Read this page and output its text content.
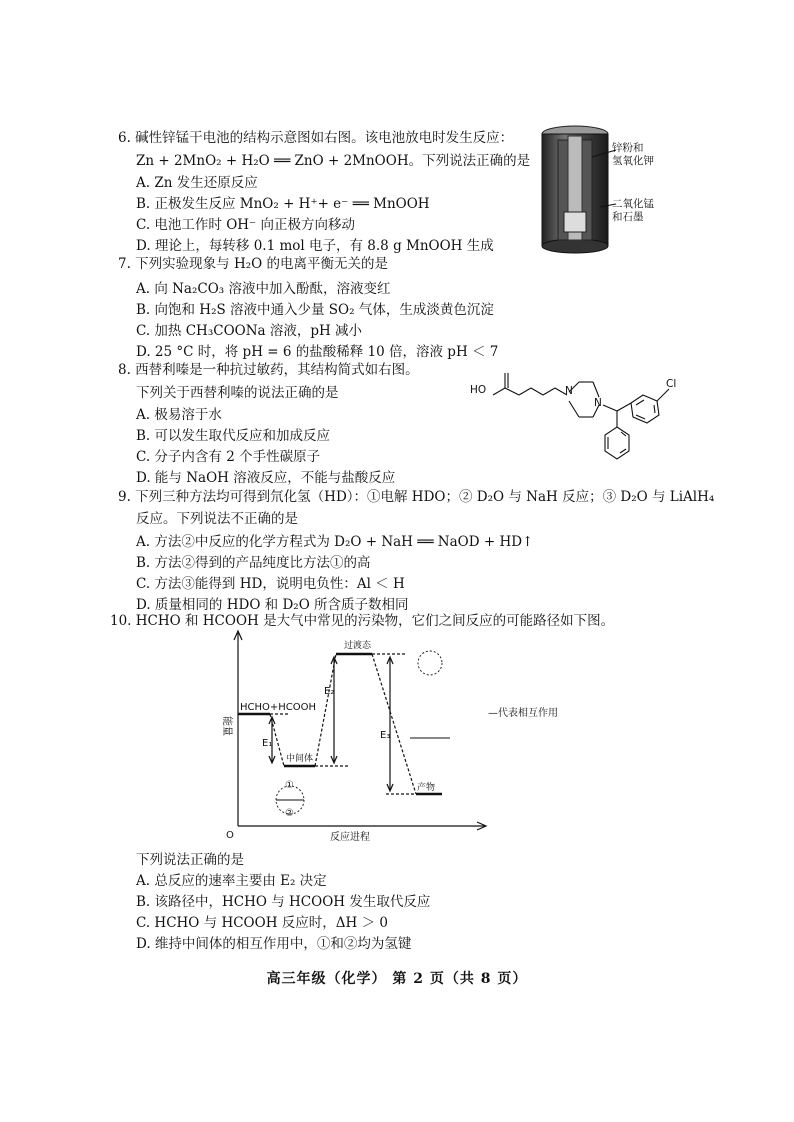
6. 碱性锌锰干电池的结构示意图如右图。该电池放电时发生反应：
Zn + 2MnO₂ + H₂O ══ ZnO + 2MnOOH。下列说法正确的是
A. Zn 发生还原反应
B. 正极发生反应 MnO₂ + H⁺+ e⁻ ══ MnOOH
C. 电池工作时 OH⁻ 向正极方向移动
D. 理论上，每转移 0.1 mol 电子，有 8.8 g MnOOH 生成
锌粉和
氢氧化钾
二氧化锰
和石墨
7. 下列实验现象与 H₂O 的电离平衡无关的是
A. 向 Na₂CO₃ 溶液中加入酚酞，溶液变红
B. 向饱和 H₂S 溶液中通入少量 SO₂ 气体，生成淡黄色沉淀
C. 加热 CH₃COONa 溶液，pH 减小
D. 25 °C 时，将 pH = 6 的盐酸稀释 10 倍，溶液 pH ＜ 7
8. 西替利嗪是一种抗过敏药，其结构简式如右图。
下列关于西替利嗪的说法正确的是
A. 极易溶于水
B. 可以发生取代反应和加成反应
C. 分子内含有 2 个手性碳原子
D. 能与 NaOH 溶液反应，不能与盐酸反应
HO	Cl
N
N
9. 下列三种方法均可得到氘化氢（HD）：①电解 HDO；② D₂O 与 NaH 反应；③ D₂O 与 LiAlH₄
反应。下列说法不正确的是
A. 方法②中反应的化学方程式为 D₂O + NaH ══ NaOD + HD↑
B. 方法②得到的产品纯度比方法①的高
C. 方法③能得到 HD，说明电负性：Al ＜ H
D. 质量相同的 HDO 和 D₂O 所含质子数相同
10. HCHO 和 HCOOH 是大气中常见的污染物，它们之间反应的可能路径如下图。
能量
反应进程
O
HCHO+HCOOH
中间体
过渡态
产物
E₁
E₂
E₃
①
②
—代表相互作用
下列说法正确的是
A. 总反应的速率主要由 E₂ 决定
B. 该路径中，HCHO 与 HCOOH 发生取代反应
C. HCHO 与 HCOOH 反应时，ΔH ＞ 0
D. 维持中间体的相互作用中，①和②均为氢键
高三年级（化学） 第 2 页（共 8 页）
